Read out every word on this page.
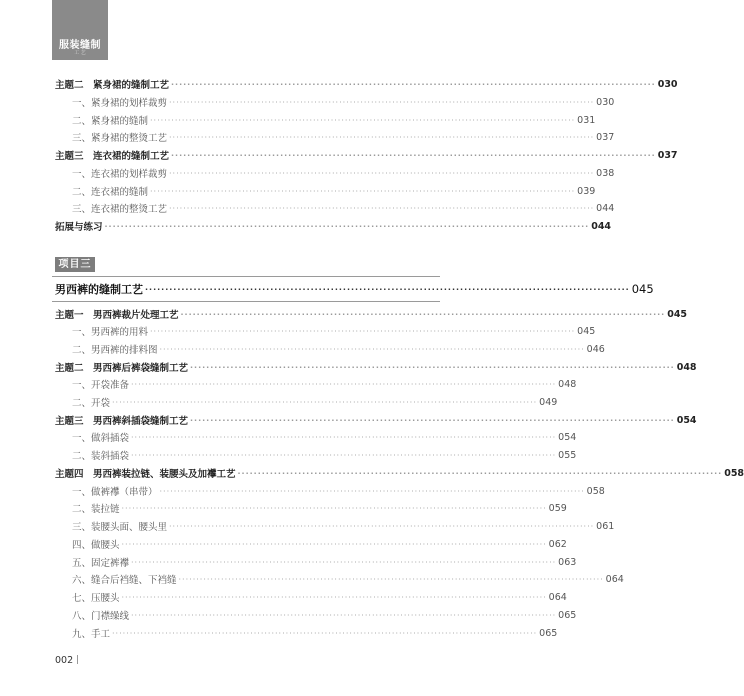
服装缝制
工 艺
主题二　紧身裙的缝制工艺 ························································································································ 030
一、紧身裙的划样裁剪 ························································································································ 030
二、紧身裙的缝制 ························································································································ 031
三、紧身裙的整烫工艺 ························································································································ 037
主题三　连衣裙的缝制工艺 ························································································································ 037
一、连衣裙的划样裁剪 ························································································································ 038
二、连衣裙的缝制 ························································································································ 039
三、连衣裙的整烫工艺 ························································································································ 044
拓展与练习 ························································································································ 044
项目三
男西裤的缝制工艺 ························································································································ 045
主题一　男西裤裁片处理工艺 ························································································································ 045
一、男西裤的用料 ························································································································ 045
二、男西裤的排料图 ························································································································ 046
主题二　男西裤后裤袋缝制工艺 ························································································································ 048
一、开袋准备 ························································································································ 048
二、开袋 ························································································································ 049
主题三　男西裤斜插袋缝制工艺 ························································································································ 054
一、做斜插袋 ························································································································ 054
二、装斜插袋 ························································································································ 055
主题四　男西裤装拉链、装腰头及加襻工艺 ························································································································ 058
一、做裤襻（串带） ························································································································ 058
二、装拉链 ························································································································ 059
三、装腰头面、腰头里 ························································································································ 061
四、做腰头 ························································································································ 062
五、固定裤襻 ························································································································ 063
六、缝合后裆缝、下裆缝 ························································································································ 064
七、压腰头 ························································································································ 064
八、门襟缲线 ························································································································ 065
九、手工 ························································································································ 065
002
